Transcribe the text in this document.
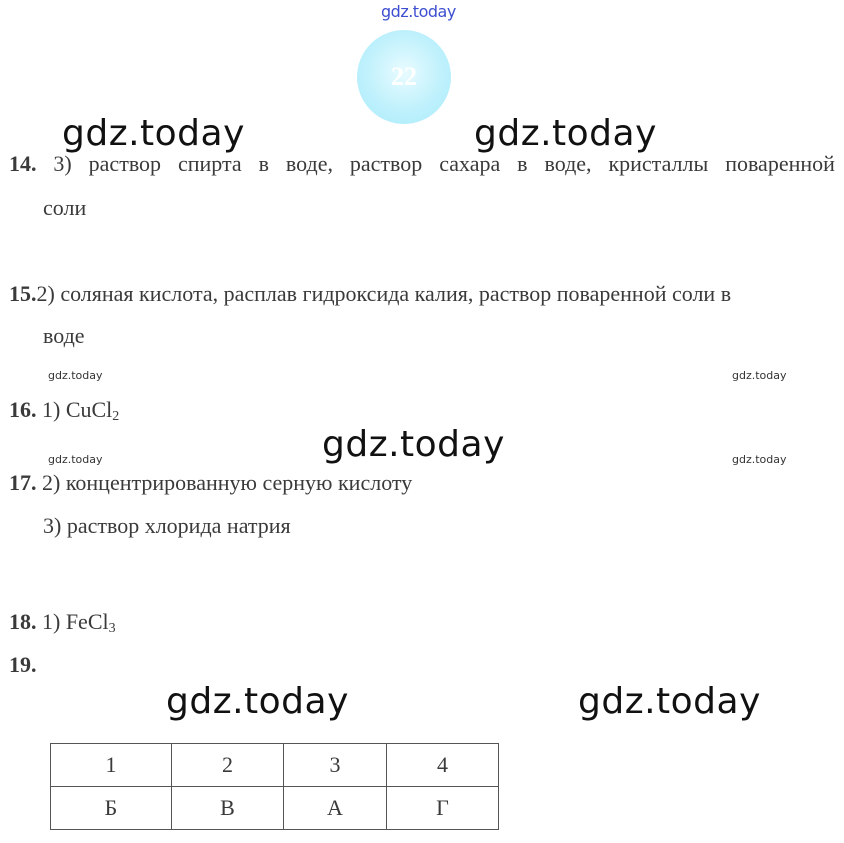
gdz.today
gdz.today	gdz.today
gdz.today
gdz.today	gdz.today
gdz.today	gdz.today
gdz.today	gdz.today
22
14. 3) раствор спирта в воде, раствор сахара в воде, кристаллы поваренной
соли
15.2) соляная кислота, расплав гидроксида калия, раствор поваренной соли в
воде
16. 1) CuCl$_2$
17. 2) концентрированную серную кислоту
3) раствор хлорида натрия
18. 1) FeCl$_3$
19.
1	2	3	4
Б	В	А	Г
